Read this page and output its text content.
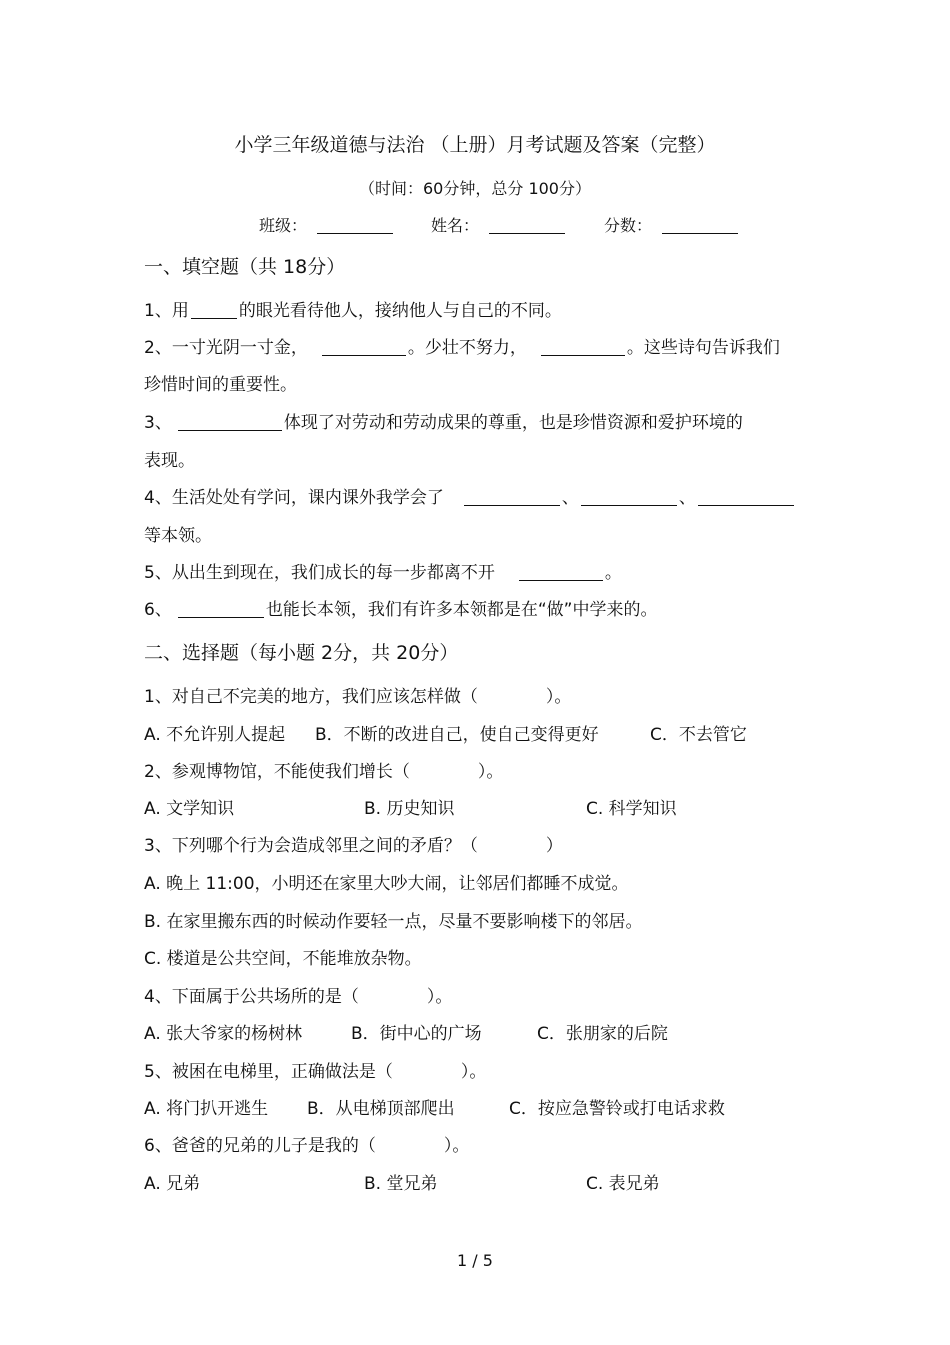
小学三年级道德与法治 （上册）月考试题及答案（完整）
（时间：60分钟，总分 100分）
班级：	姓名：	分数：
一、填空题（共 18分）
1、用	的眼光看待他人，接纳他人与自己的不同。
2、一寸光阴一寸金，	。少壮不努力，	。这些诗句告诉我们
珍惜时间的重要性。
3、	体现了对劳动和劳动成果的尊重，也是珍惜资源和爱护环境的
表现。
4、生活处处有学问，课内课外我学会了	、	、
等本领。
5、从出生到现在，我们成长的每一步都离不开	。
6、	也能长本领，我们有许多本领都是在“做”中学来的。
二、选择题（每小题 2分，共 20分）
1、对自己不完美的地方，我们应该怎样做（　　　　）。
A. 不允许别人提起 B．不断的改进自己，使自己变得更好	C．不去管它
2、参观博物馆，不能使我们增长（　　　　）。
A. 文学知识	B. 历史知识	C. 科学知识
3、下列哪个行为会造成邻里之间的矛盾？（　　　　）
A. 晚上 11:00，小明还在家里大吵大闹，让邻居们都睡不成觉。
B. 在家里搬东西的时候动作要轻一点，尽量不要影响楼下的邻居。
C. 楼道是公共空间，不能堆放杂物。
4、下面属于公共场所的是（　　　　）。
A. 张大爷家的杨树林	B．街中心的广场	C．张朋家的后院
5、被困在电梯里，正确做法是（　　　　）。
A. 将门扒开逃生 B．从电梯顶部爬出	C．按应急警铃或打电话求救
6、爸爸的兄弟的儿子是我的（　　　　）。
A. 兄弟	B. 堂兄弟	C. 表兄弟
1 / 5
